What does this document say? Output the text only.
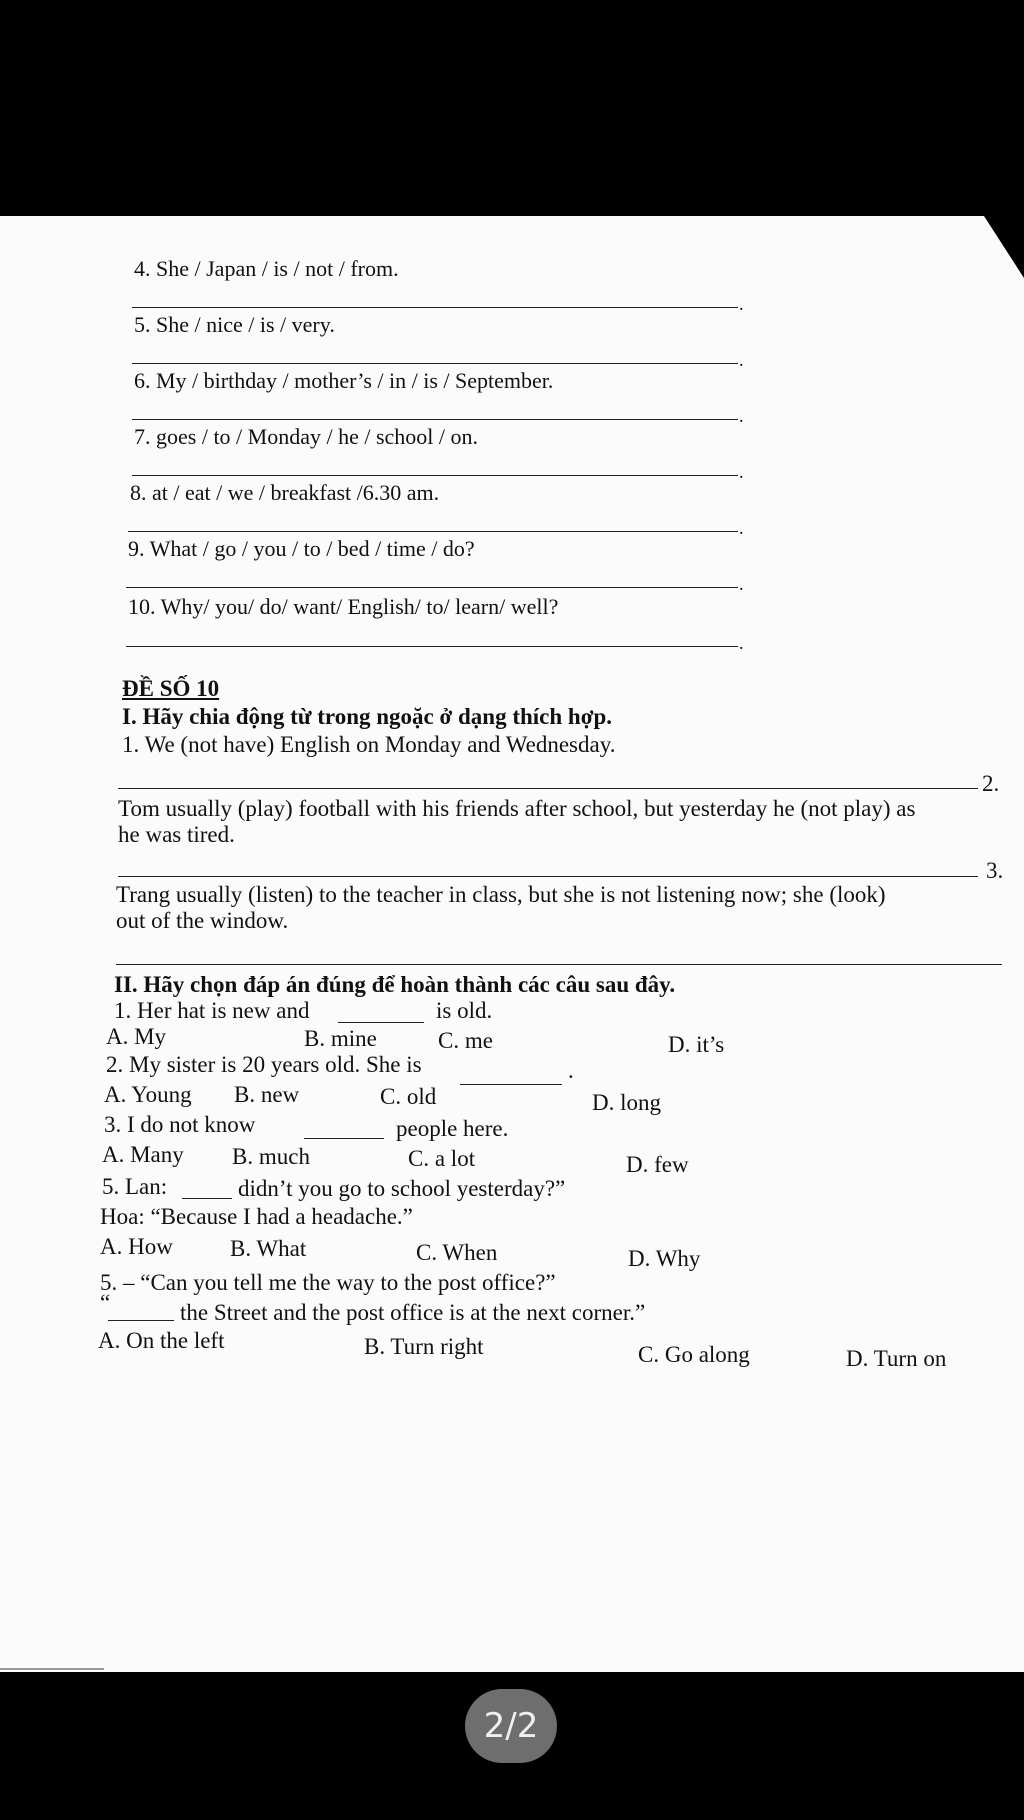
4. She / Japan / is / not / from.
.
5. She / nice / is / very.
.
6. My / birthday / mother’s / in / is / September.
.
7. goes / to / Monday / he / school / on.
.
8. at / eat / we / breakfast /6.30 am.
.
9. What / go / you / to / bed / time / do?
.
10. Why/ you/ do/ want/ English/ to/ learn/ well?
.
ĐỀ SỐ 10
I. Hãy chia động từ trong ngoặc ở dạng thích hợp.
1. We (not have) English on Monday and Wednesday.
2.
Tom usually (play) football with his friends after school, but yesterday he (not play) as
he was tired.
3.
Trang usually (listen) to the teacher in class, but she is not listening now; she (look)
out of the window.
II. Hãy chọn đáp án đúng để hoàn thành các câu sau đây.
1. Her hat is new and	is old.
A. My	B. mine	C. me	D. it’s
2. My sister is 20 years old. She is	.
A. Young B. new	C. old	D. long
3. I do not know	people here.
A. Many B. much	C. a lot	D. few
5. Lan:	didn’t you go to school yesterday?”
Hoa: “Because I had a headache.”
A. How B. What	C. When	D. Why
5. – “Can you tell me the way to the post office?”
“	the Street and the post office is at the next corner.”
A. On the left	B. Turn right	C. Go along	D. Turn on
2/2
